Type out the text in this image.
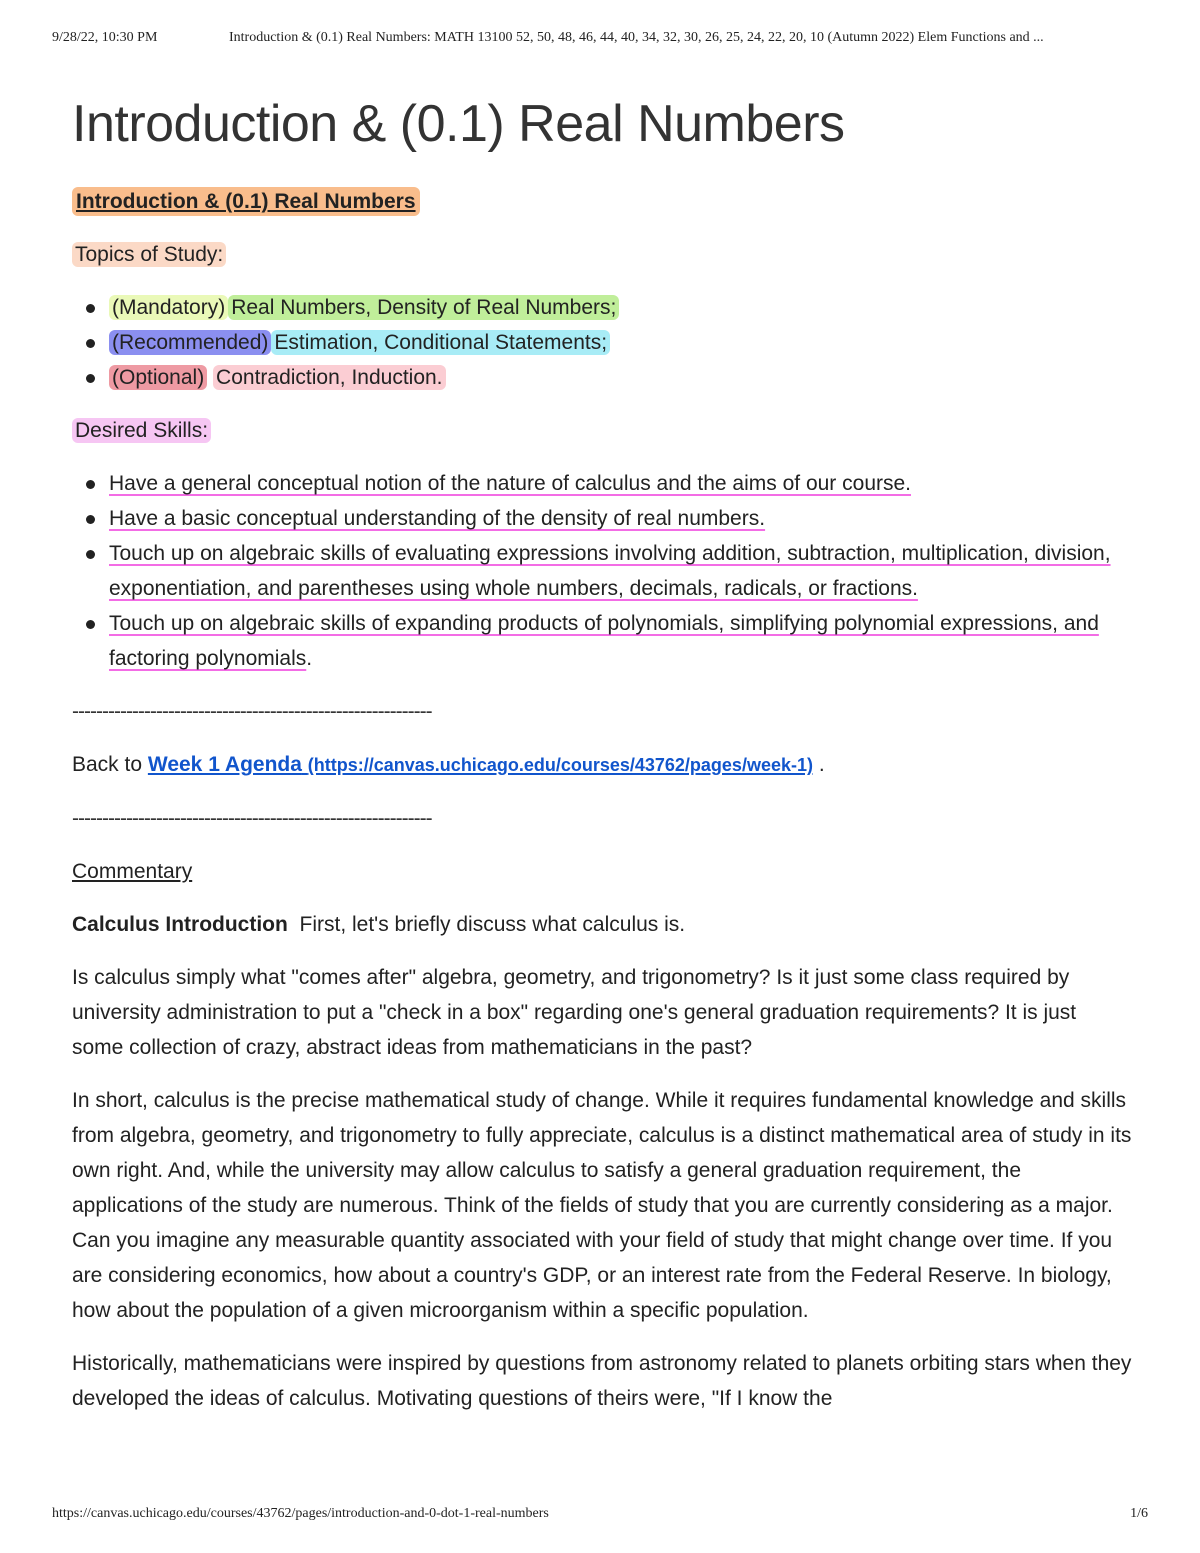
9/28/22, 10:30 PM	Introduction & (0.1) Real Numbers: MATH 13100 52, 50, 48, 46, 44, 40, 34, 32, 30, 26, 25, 24, 22, 20, 10 (Autumn 2022) Elem Functions and ...
Introduction & (0.1) Real Numbers

Introduction & (0.1) Real Numbers

Topics of Study:

(Mandatory) Real Numbers, Density of Real Numbers;
(Recommended) Estimation, Conditional Statements;
(Optional) Contradiction, Induction.

Desired Skills:

Have a general conceptual notion of the nature of calculus and the aims of our course.
Have a basic conceptual understanding of the density of real numbers.
Touch up on algebraic skills of evaluating expressions involving addition, subtraction, multiplication, division, exponentiation, and parentheses using whole numbers, decimals, radicals, or fractions.
Touch up on algebraic skills of expanding products of polynomials, simplifying polynomial expressions, and factoring polynomials.

------------------------------------------------------------

Back to Week 1 Agenda (https://canvas.uchicago.edu/courses/43762/pages/week-1) .

------------------------------------------------------------

Commentary

Calculus Introduction First, let's briefly discuss what calculus is.

Is calculus simply what "comes after" algebra, geometry, and trigonometry? Is it just some class required by university administration to put a "check in a box" regarding one's general graduation requirements? It is just some collection of crazy, abstract ideas from mathematicians in the past?

In short, calculus is the precise mathematical study of change. While it requires fundamental knowledge and skills from algebra, geometry, and trigonometry to fully appreciate, calculus is a distinct mathematical area of study in its own right. And, while the university may allow calculus to satisfy a general graduation requirement, the applications of the study are numerous. Think of the fields of study that you are currently considering as a major. Can you imagine any measurable quantity associated with your field of study that might change over time. If you are considering economics, how about a country's GDP, or an interest rate from the Federal Reserve. In biology, how about the population of a given microorganism within a specific population.

Historically, mathematicians were inspired by questions from astronomy related to planets orbiting stars when they developed the ideas of calculus. Motivating questions of theirs were, "If I know the

https://canvas.uchicago.edu/courses/43762/pages/introduction-and-0-dot-1-real-numbers	1/6
